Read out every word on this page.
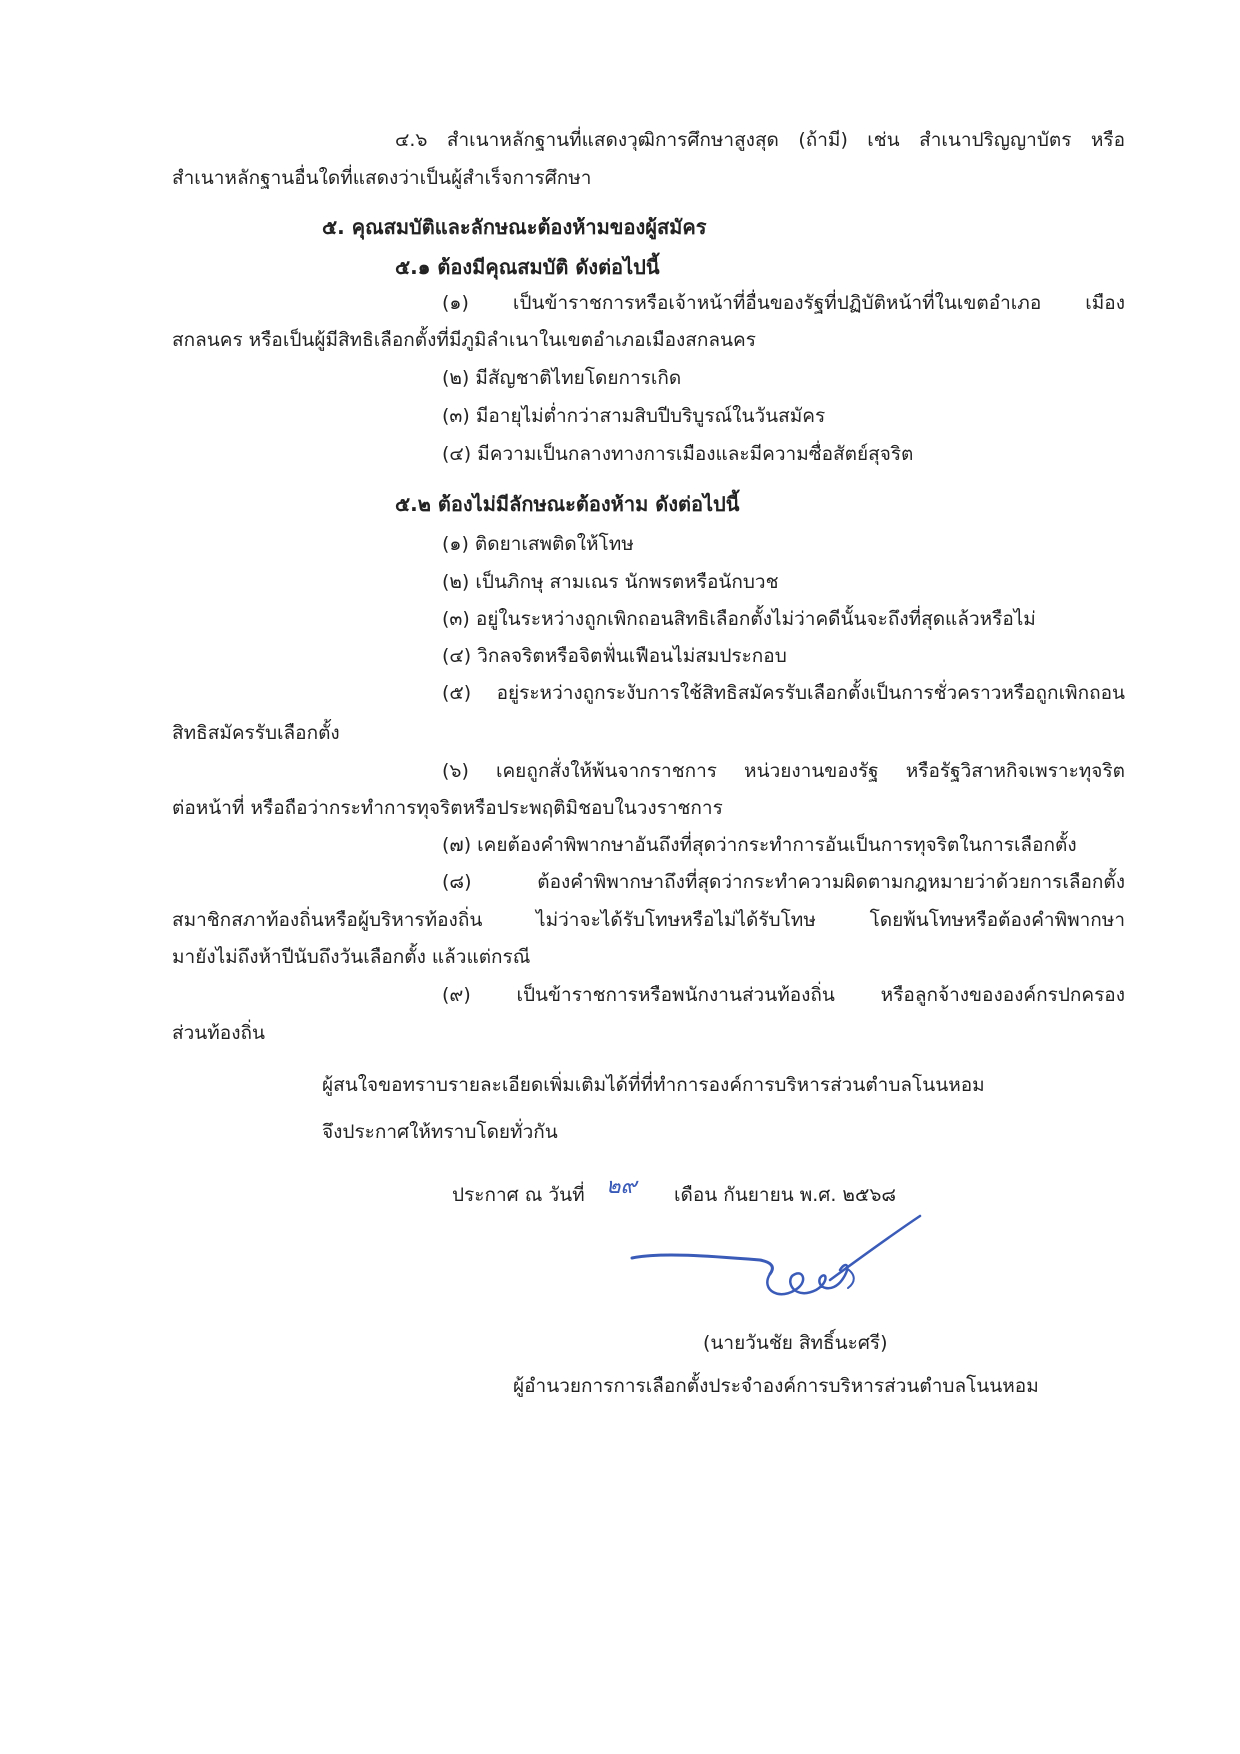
๔.๖ สำเนาหลักฐานที่แสดงวุฒิการศึกษาสูงสุด (ถ้ามี) เช่น สำเนาปริญญาบัตร หรือ
สำเนาหลักฐานอื่นใดที่แสดงว่าเป็นผู้สำเร็จการศึกษา
๕. คุณสมบัติและลักษณะต้องห้ามของผู้สมัคร
๕.๑ ต้องมีคุณสมบัติ ดังต่อไปนี้
(๑) เป็นข้าราชการหรือเจ้าหน้าที่อื่นของรัฐที่ปฏิบัติหน้าที่ในเขตอำเภอ เมือง
สกลนคร หรือเป็นผู้มีสิทธิเลือกตั้งที่มีภูมิลำเนาในเขตอำเภอเมืองสกลนคร
(๒) มีสัญชาติไทยโดยการเกิด
(๓) มีอายุไม่ต่ำกว่าสามสิบปีบริบูรณ์ในวันสมัคร
(๔) มีความเป็นกลางทางการเมืองและมีความซื่อสัตย์สุจริต
๕.๒ ต้องไม่มีลักษณะต้องห้าม ดังต่อไปนี้
(๑) ติดยาเสพติดให้โทษ
(๒) เป็นภิกษุ สามเณร นักพรตหรือนักบวช
(๓) อยู่ในระหว่างถูกเพิกถอนสิทธิเลือกตั้งไม่ว่าคดีนั้นจะถึงที่สุดแล้วหรือไม่
(๔) วิกลจริตหรือจิตฟั่นเฟือนไม่สมประกอบ
(๕) อยู่ระหว่างถูกระงับการใช้สิทธิสมัครรับเลือกตั้งเป็นการชั่วคราวหรือถูกเพิกถอน
สิทธิสมัครรับเลือกตั้ง
(๖) เคยถูกสั่งให้พ้นจากราชการ หน่วยงานของรัฐ หรือรัฐวิสาหกิจเพราะทุจริต
ต่อหน้าที่ หรือถือว่ากระทำการทุจริตหรือประพฤติมิชอบในวงราชการ
(๗) เคยต้องคำพิพากษาอันถึงที่สุดว่ากระทำการอันเป็นการทุจริตในการเลือกตั้ง
(๘) ต้องคำพิพากษาถึงที่สุดว่ากระทำความผิดตามกฎหมายว่าด้วยการเลือกตั้ง
สมาชิกสภาท้องถิ่นหรือผู้บริหารท้องถิ่น ไม่ว่าจะได้รับโทษหรือไม่ได้รับโทษ โดยพ้นโทษหรือต้องคำพิพากษา
มายังไม่ถึงห้าปีนับถึงวันเลือกตั้ง แล้วแต่กรณี
(๙) เป็นข้าราชการหรือพนักงานส่วนท้องถิ่น หรือลูกจ้างขององค์กรปกครอง
ส่วนท้องถิ่น
ผู้สนใจขอทราบรายละเอียดเพิ่มเติมได้ที่ที่ทำการองค์การบริหารส่วนตำบลโนนหอม
จึงประกาศให้ทราบโดยทั่วกัน
ประกาศ ณ วันที่ ๒๙ เดือน กันยายน พ.ศ. ๒๕๖๘
(นายวันชัย สิทธิ์นะศรี)
ผู้อำนวยการการเลือกตั้งประจำองค์การบริหารส่วนตำบลโนนหอม
